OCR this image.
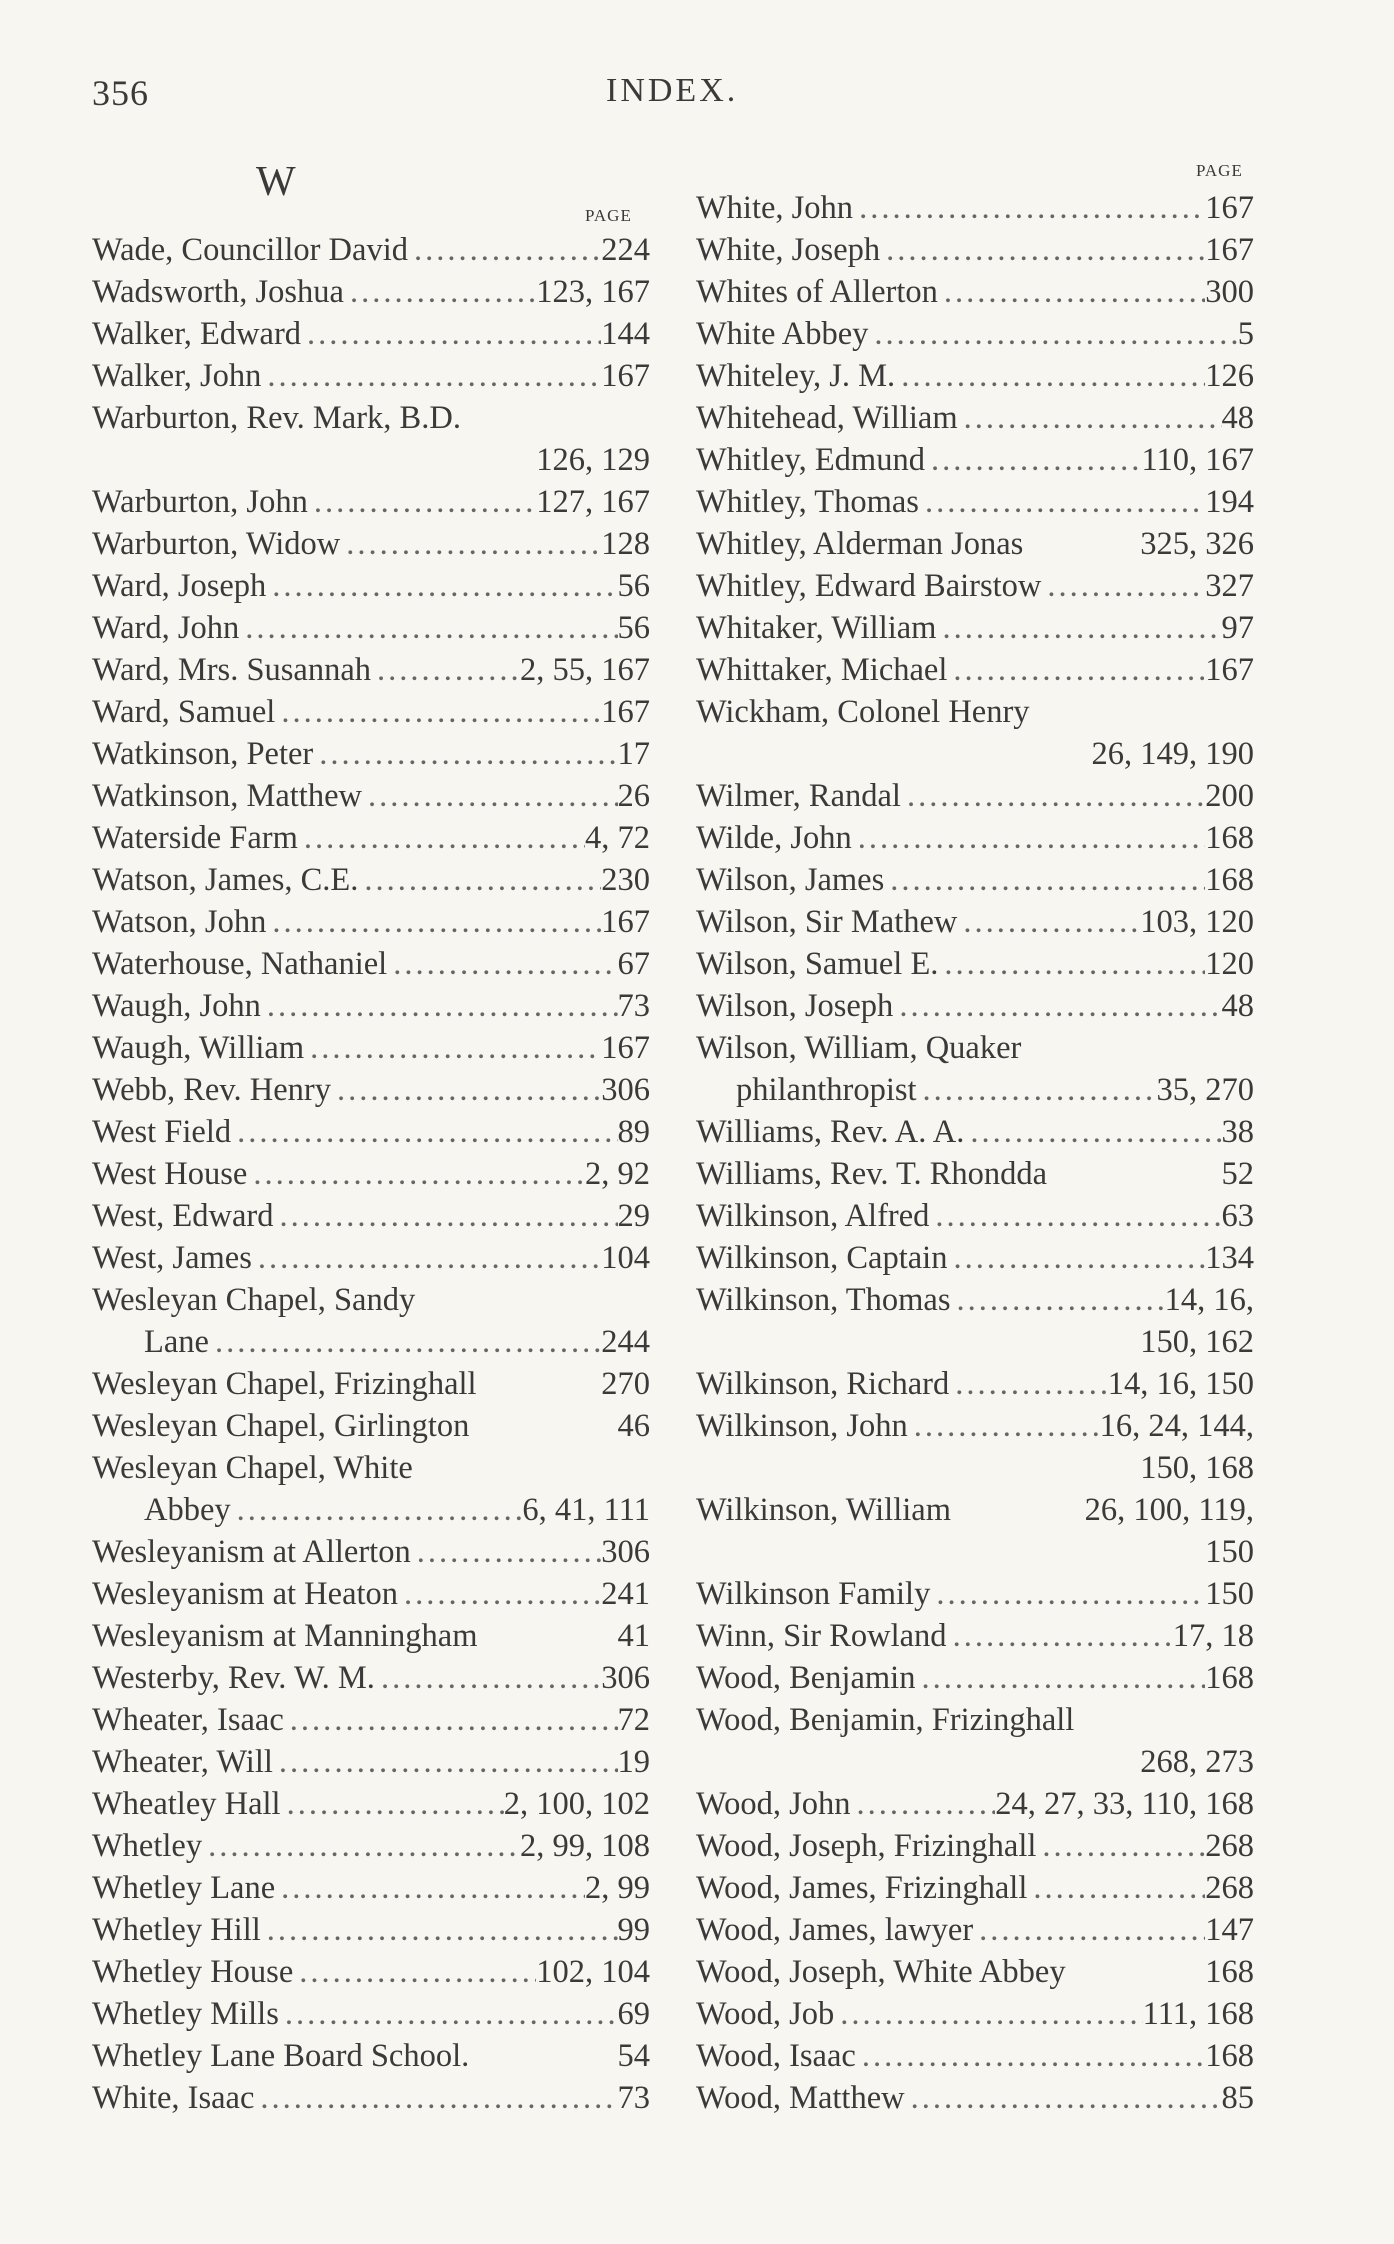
356	INDEX.
W
PAGE
PAGE
Wade, Councillor David .....	224
Wadsworth, Joshua .....	123, 167
Walker, Edward .....	144
Walker, John .....	167
Warburton, Rev. Mark, B.D.
126, 129
Warburton, John .....	127, 167
Warburton, Widow .....	128
Ward, Joseph .....	56
Ward, John .....	56
Ward, Mrs. Susannah .....	2, 55, 167
Ward, Samuel .....	167
Watkinson, Peter .....	17
Watkinson, Matthew .....	26
Waterside Farm .....	4, 72
Watson, James, C.E. .....	230
Watson, John .....	167
Waterhouse, Nathaniel .....	67
Waugh, John .....	73
Waugh, William .....	167
Webb, Rev. Henry .....	306
West Field .....	89
West House .....	2, 92
West, Edward .....	29
West, James .....	104
Wesleyan Chapel, Sandy
Lane .....	244
Wesleyan Chapel, Frizinghall	270
Wesleyan Chapel, Girlington	46
Wesleyan Chapel, White
Abbey .....	6, 41, 111
Wesleyanism at Allerton .....	306
Wesleyanism at Heaton .....	241
Wesleyanism at Manningham	41
Westerby, Rev. W. M. .....	306
Wheater, Isaac .....	72
Wheater, Will .....	19
Wheatley Hall .....	2, 100, 102
Whetley .....	2, 99, 108
Whetley Lane .....	2, 99
Whetley Hill .....	99
Whetley House .....	102, 104
Whetley Mills .....	69
Whetley Lane Board School.	54
White, Isaac .....	73
White, John .....	167
White, Joseph .....	167
Whites of Allerton .....	300
White Abbey .....	5
Whiteley, J. M. .....	126
Whitehead, William .....	48
Whitley, Edmund .....	110, 167
Whitley, Thomas .....	194
Whitley, Alderman Jonas	325, 326
Whitley, Edward Bairstow .....	327
Whitaker, William .....	97
Whittaker, Michael .....	167
Wickham, Colonel Henry
26, 149, 190
Wilmer, Randal .....	200
Wilde, John .....	168
Wilson, James .....	168
Wilson, Sir Mathew .....	103, 120
Wilson, Samuel E. .....	120
Wilson, Joseph .....	48
Wilson, William, Quaker
philanthropist .....	35, 270
Williams, Rev. A. A. .....	38
Williams, Rev. T. Rhondda	52
Wilkinson, Alfred .....	63
Wilkinson, Captain .....	134
Wilkinson, Thomas .....	14, 16,
150, 162
Wilkinson, Richard .....	14, 16, 150
Wilkinson, John .....	16, 24, 144,
150, 168
Wilkinson, William	26, 100, 119,
150
Wilkinson Family .....	150
Winn, Sir Rowland .....	17, 18
Wood, Benjamin .....	168
Wood, Benjamin, Frizinghall
268, 273
Wood, John .....	24, 27, 33, 110, 168
Wood, Joseph, Frizinghall .....	268
Wood, James, Frizinghall .....	268
Wood, James, lawyer .....	147
Wood, Joseph, White Abbey	168
Wood, Job .....	111, 168
Wood, Isaac .....	168
Wood, Matthew .....	85
